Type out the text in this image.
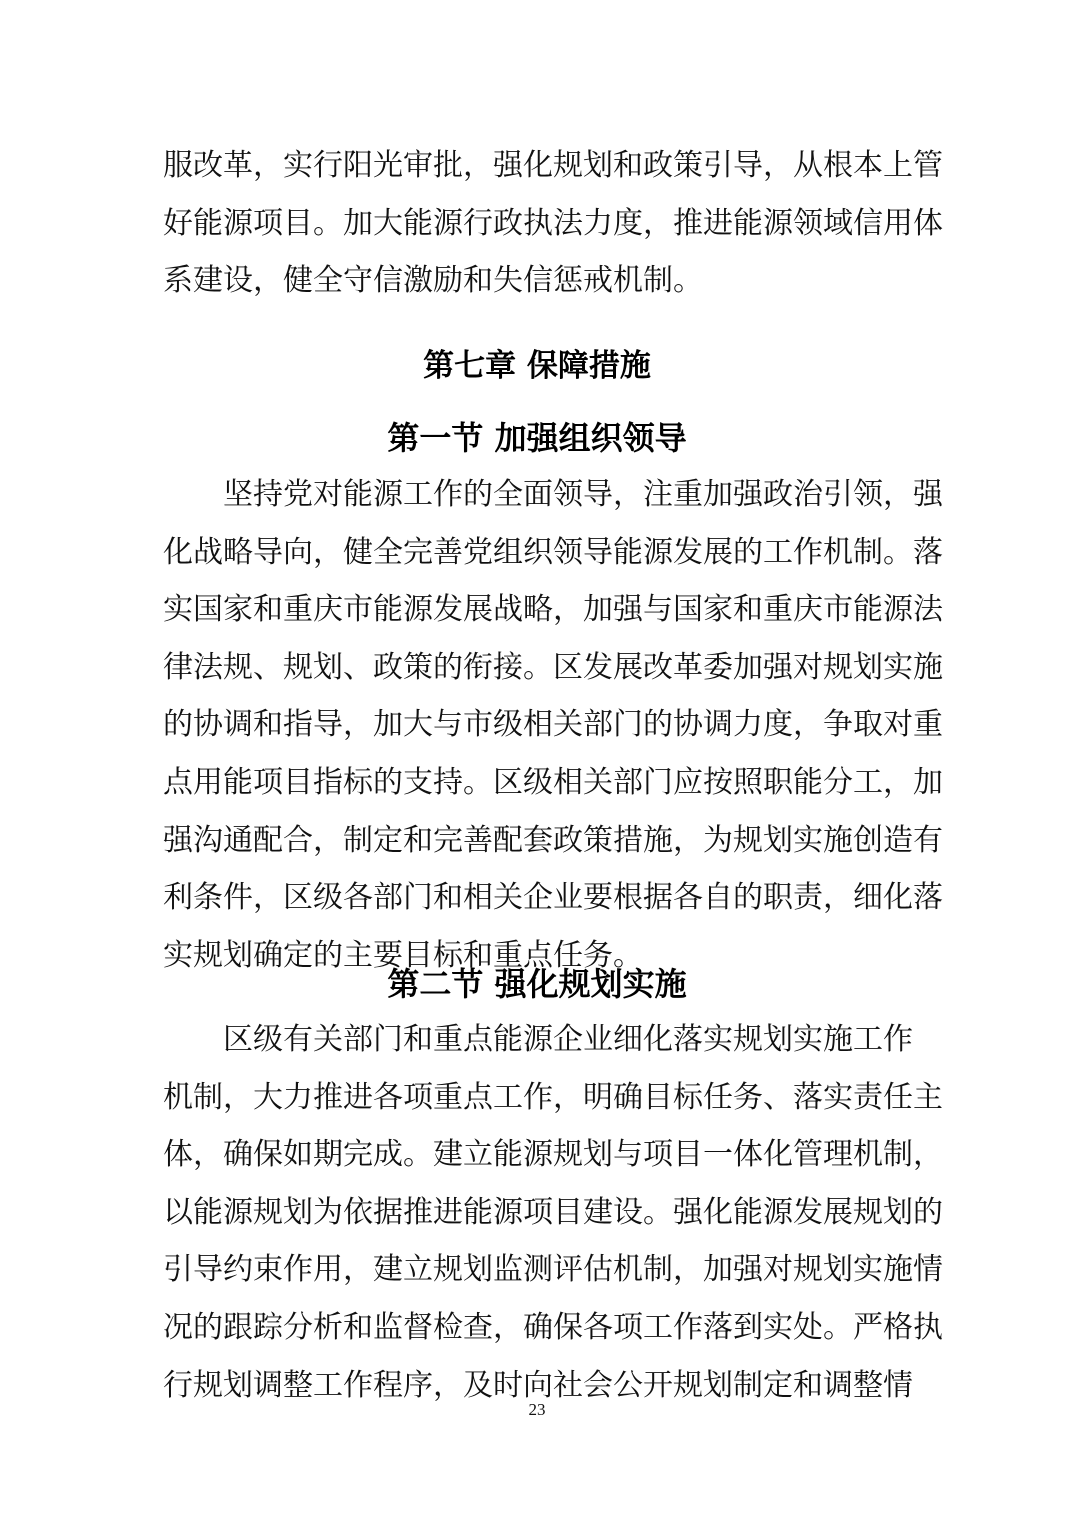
服改革，实行阳光审批，强化规划和政策引导，从根本上管
好能源项目。加大能源行政执法力度，推进能源领域信用体
系建设，健全守信激励和失信惩戒机制。
第七章 保障措施
第一节 加强组织领导
坚持党对能源工作的全面领导，注重加强政治引领，强
化战略导向，健全完善党组织领导能源发展的工作机制。落
实国家和重庆市能源发展战略，加强与国家和重庆市能源法
律法规、规划、政策的衔接。区发展改革委加强对规划实施
的协调和指导，加大与市级相关部门的协调力度，争取对重
点用能项目指标的支持。区级相关部门应按照职能分工，加
强沟通配合，制定和完善配套政策措施，为规划实施创造有
利条件，区级各部门和相关企业要根据各自的职责，细化落
实规划确定的主要目标和重点任务。
第二节 强化规划实施
区级有关部门和重点能源企业细化落实规划实施工作
机制，大力推进各项重点工作，明确目标任务、落实责任主
体，确保如期完成。建立能源规划与项目一体化管理机制，
以能源规划为依据推进能源项目建设。强化能源发展规划的
引导约束作用，建立规划监测评估机制，加强对规划实施情
况的跟踪分析和监督检查，确保各项工作落到实处。严格执
行规划调整工作程序，及时向社会公开规划制定和调整情
23
